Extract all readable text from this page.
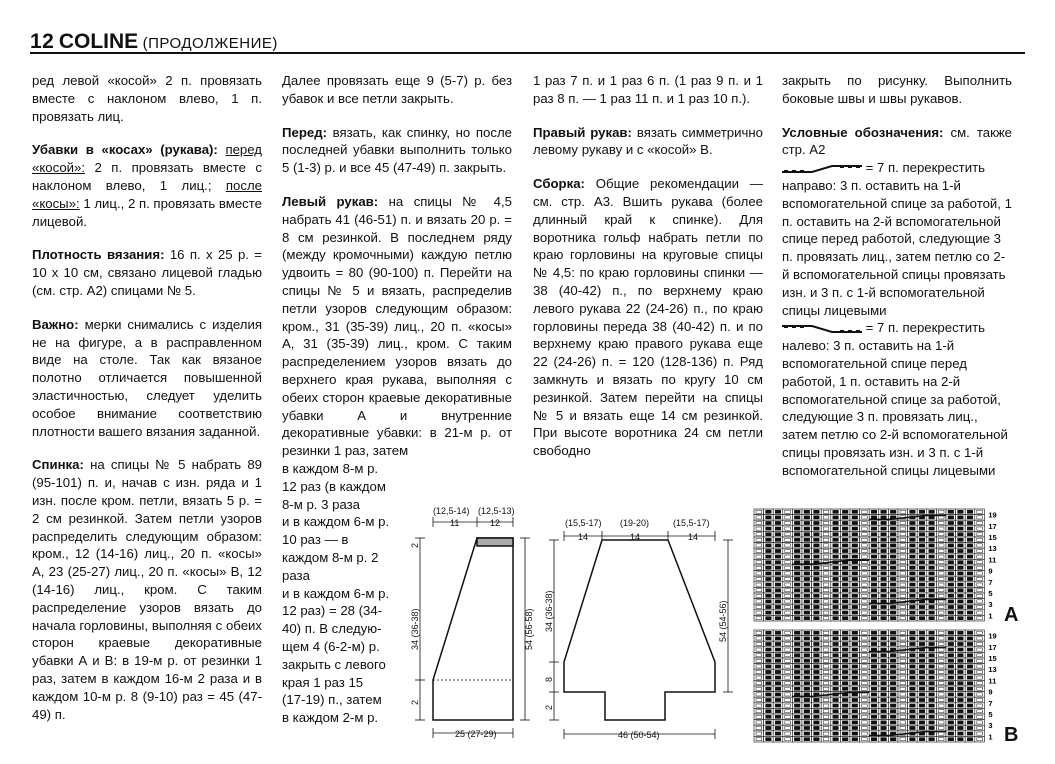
12 COLINE (ПРОДОЛЖЕНИЕ)

ред левой «косой» 2 п. провязать вместе с наклоном влево, 1 п. провязать лиц.

Убавки в «косах» (рукава): перед «косой»: 2 п. провязать вместе с наклоном влево, 1 лиц.; после «косы»: 1 лиц., 2 п. провязать вместе лицевой.

Плотность вязания: 16 п. х 25 р. = 10 х 10 см, связано лицевой гладью (см. стр. А2) спицами № 5.

Важно: мерки снимались с изделия не на фигуре, а в расправленном виде на столе. Так как вязаное полотно отличается повышенной эластичностью, следует уделить особое внимание соответствию плотности вашего вязания заданной.

Спинка: на спицы № 5 набрать 89 (95-101) п. и, начав с изн. ряда и 1 изн. после кром. петли, вязать 5 р. = 2 см резинкой. Затем петли узоров распределить следующим образом: кром., 12 (14-16) лиц., 20 п. «косы» А, 23 (25-27) лиц., 20 п. «косы» В, 12 (14-16) лиц., кром. С таким распределение узоров вязать до начала горловины, выполняя с обеих сторон краевые декоративные убавки А и В: в 19-м р. от резинки 1 раз, затем в каждом 16-м 2 раза и в каждом 10-м р. 8 (9-10) раз = 45 (47-49) п.

Далее провязать еще 9 (5-7) р. без убавок и все петли закрыть.

Перед: вязать, как спинку, но после последней убавки выполнить только 5 (1-3) р. и все 45 (47-49) п. закрыть.

Левый рукав: на спицы № 4,5 набрать 41 (46-51) п. и вязать 20 р. = 8 см резинкой. В последнем ряду (между кромочными) каждую петлю удвоить = 80 (90-100) п. Перейти на спицы № 5 и вязать, распределив петли узоров следующим образом: кром., 31 (35-39) лиц., 20 п. «косы» А, 31 (35-39) лиц., кром. С таким распределением узоров вязать до верхнего края рукава, выполняя с обеих сторон краевые декоративные убавки А и внутренние декоративные убавки: в 21-м р. от резинки 1 раз, затем

в каждом 8-м р.
12 раз (в каждом
8-м р. 3 раза
и в каждом 6-м р.
10 раз — в каждом 8-м р. 2 раза
и в каждом 6-м р.
12 раз) = 28 (34-
40) п. В следую-
щем 4 (6-2-м) р.
закрыть с левого
края 1 раз 15
(17-19) п., затем
в каждом 2-м р.

1 раз 7 п. и 1 раз 6 п. (1 раз 9 п. и 1 раз 8 п. — 1 раз 11 п. и 1 раз 10 п.).

Правый рукав: вязать симметрично левому рукаву и с «косой» В.

Сборка: Общие рекомендации — см. стр. А3. Вшить рукава (более длинный край к спинке). Для воротника гольф набрать петли по краю горловины на круговые спицы № 4,5: по краю горловины спинки — 38 (40-42) п., по верхнему краю левого рукава 22 (24-26) п., по краю горловины переда 38 (40-42) п. и по верхнему краю правого рукава еще 22 (24-26) п. = 120 (128-136) п. Ряд замкнуть и вязать по кругу 10 см резинкой. Затем перейти на спицы № 5 и вязать еще 14 см резинкой. При высоте воротника 24 см петли свободно

закрыть по рисунку. Выполнить боковые швы и швы рукавов.

Условные обозначения: см. также стр. А2

= 7 п. перекрестить направо: 3 п. оставить на 1-й вспомогательной спице за работой, 1 п. оставить на 2-й вспомогательной спице перед работой, следующие 3 п. провязать лиц., затем петлю со 2-й вспомогательной спицы провязать изн. и 3 п. с 1-й вспомогательной спицы лицевыми

= 7 п. перекрестить налево: 3 п. оставить на 1-й вспомогательной спице перед работой, 1 п. оставить на 2-й вспомогательной спице за работой, следующие 3 п. провязать лиц., затем петлю со 2-й вспомогательной спицы провязать изн. и 3 п. с 1-й вспомогательной спицы лицевыми

(12,5-14) (12,5-13)
11	12
25 (27-29)
34 (36-38)
2
2
54 (56-58)
(15,5-17) (19-20)	(15,5-17)
14	14	14
46 (50-54)
34 (36-38)
8
2
54 (54-56)
19
17
15
13
11
9
7
5
3
1
19
17
15
13
11
9
7
5
3
1
A
B
